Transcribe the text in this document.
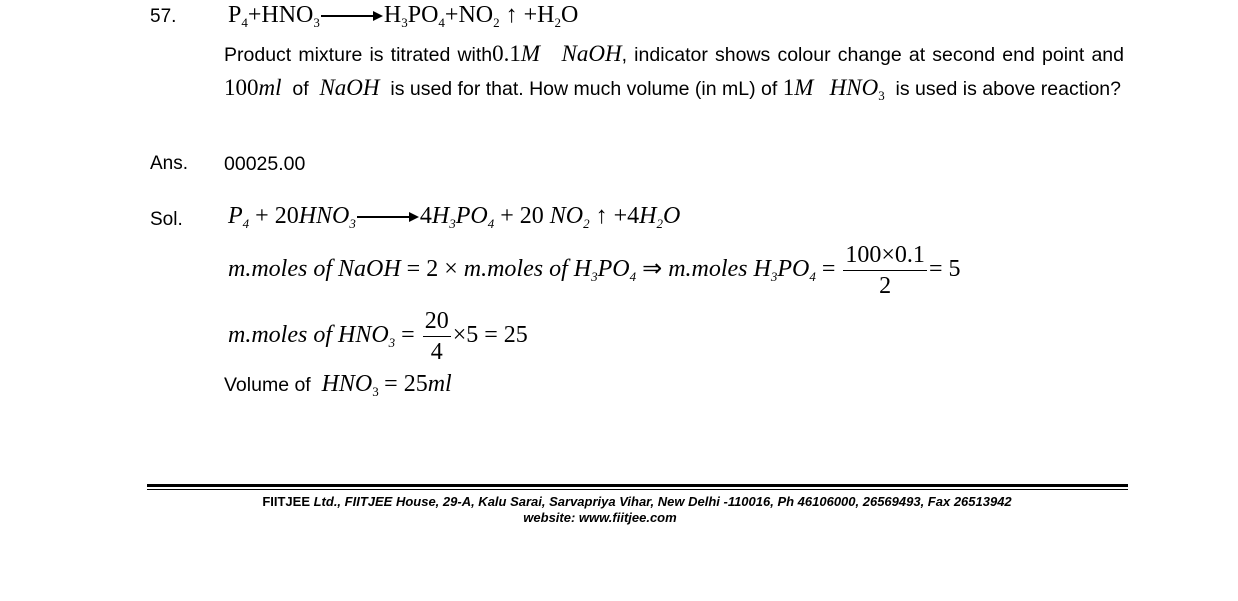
57. $P_4+HNO_3$	$H_3PO_4+NO_2$ ↑ $+H_2O$
Product mixture is titrated with0.1M NaOH, indicator shows colour change at second end point and 100ml of NaOH is used for that. How much volume (in mL) of 1M $HNO_3$ is used is above reaction?
Ans. 00025.00
Sol. $P_4 + 20HNO_3$	$4H_3PO_4 + 20$ $NO_2$ ↑ $+4H_2O$
m.moles of NaOH = 2 × m.moles of $H_3PO_4$ ⇒ m.moles $H_3PO_4 = \frac{100\times 0.1}{2} = 5$
m.moles of $HNO_3 = \frac{20}{4} \times 5 = 25$
Volume of $HNO_3 = 25ml$
FIITJEE Ltd., FIITJEE House, 29-A, Kalu Sarai, Sarvapriya Vihar, New Delhi -110016, Ph 46106000, 26569493, Fax 26513942
website: www.fiitjee.com
